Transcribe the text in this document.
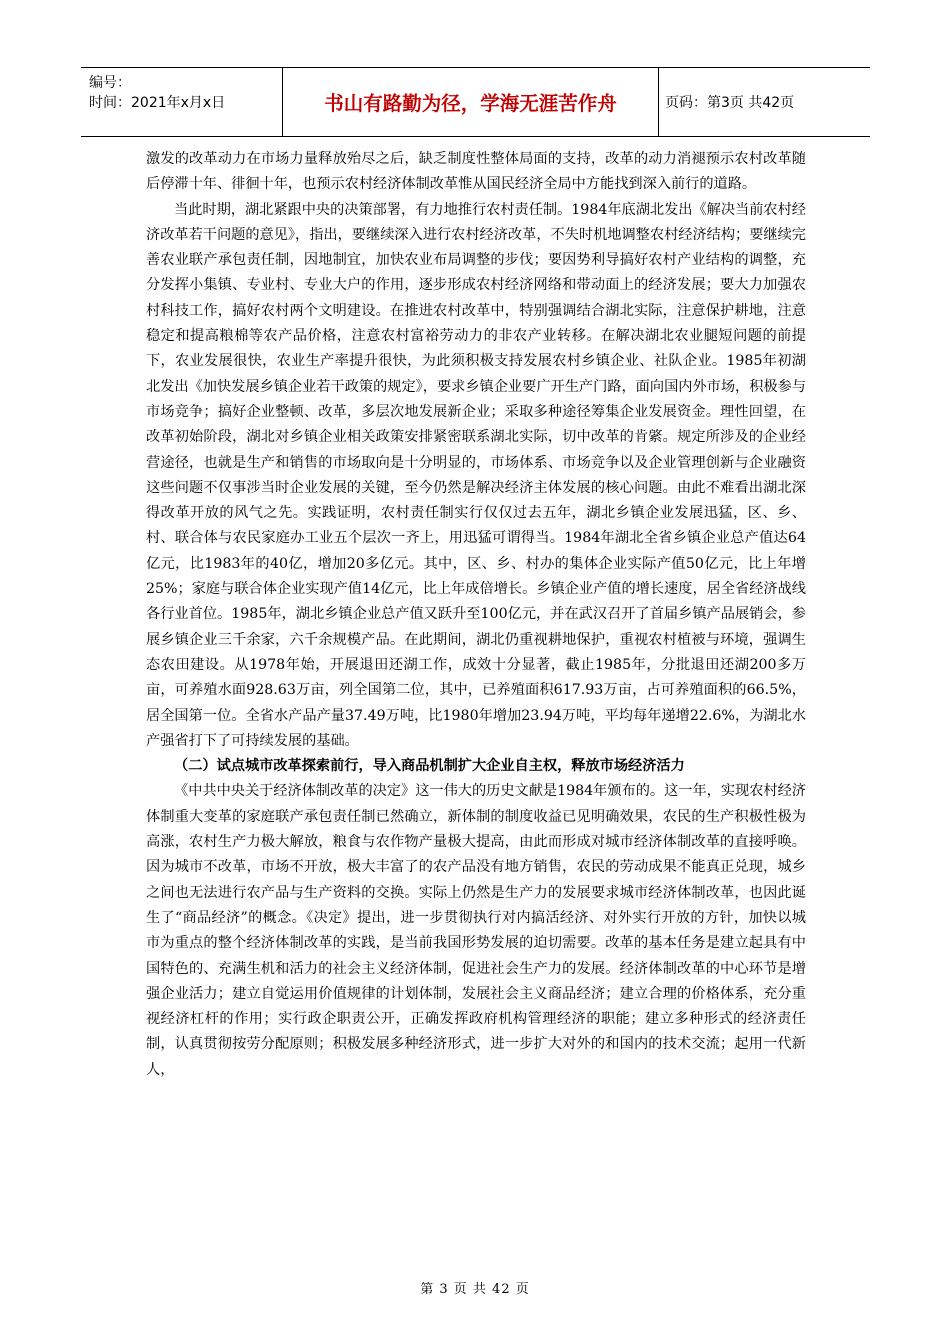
编号：
时间：2021年x月x日	书山有路勤为径，学海无涯苦作舟	页码：第3页 共42页

激发的改革动力在市场力量释放殆尽之后，缺乏制度性整体局面的支持，改革的动力消褪预示农村改革随后停滞十年、徘徊十年，也预示农村经济体制改革惟从国民经济全局中方能找到深入前行的道路。

当此时期，湖北紧跟中央的决策部署，有力地推行农村责任制。1984年底湖北发出《解决当前农村经济改革若干问题的意见》，指出，要继续深入进行农村经济改革，不失时机地调整农村经济结构；要继续完善农业联产承包责任制，因地制宜，加快农业布局调整的步伐；要因势利导搞好农村产业结构的调整，充分发挥小集镇、专业村、专业大户的作用，逐步形成农村经济网络和带动面上的经济发展；要大力加强农村科技工作，搞好农村两个文明建设。在推进农村改革中，特别强调结合湖北实际，注意保护耕地，注意稳定和提高粮棉等农产品价格，注意农村富裕劳动力的非农产业转移。在解决湖北农业腿短问题的前提下，农业发展很快，农业生产率提升很快，为此须积极支持发展农村乡镇企业、社队企业。1985年初湖北发出《加快发展乡镇企业若干政策的规定》，要求乡镇企业要广开生产门路，面向国内外市场，积极参与市场竞争；搞好企业整顿、改革，多层次地发展新企业；采取多种途径筹集企业发展资金。理性回望，在改革初始阶段，湖北对乡镇企业相关政策安排紧密联系湖北实际，切中改革的肯綮。规定所涉及的企业经营途径，也就是生产和销售的市场取向是十分明显的，市场体系、市场竞争以及企业管理创新与企业融资这些问题不仅事涉当时企业发展的关键，至今仍然是解决经济主体发展的核心问题。由此不难看出湖北深得改革开放的风气之先。实践证明，农村责任制实行仅仅过去五年，湖北乡镇企业发展迅猛，区、乡、村、联合体与农民家庭办工业五个层次一齐上，用迅猛可谓得当。1984年湖北全省乡镇企业总产值达64亿元，比1983年的40亿，增加20多亿元。其中，区、乡、村办的集体企业实际产值50亿元，比上年增25%；家庭与联合体企业实现产值14亿元，比上年成倍增长。乡镇企业产值的增长速度，居全省经济战线各行业首位。1985年，湖北乡镇企业总产值又跃升至100亿元，并在武汉召开了首届乡镇产品展销会，参展乡镇企业三千余家，六千余规模产品。在此期间，湖北仍重视耕地保护，重视农村植被与环境，强调生态农田建设。从1978年始，开展退田还湖工作，成效十分显著，截止1985年，分批退田还湖200多万亩，可养殖水面928.63万亩，列全国第二位，其中，已养殖面积617.93万亩，占可养殖面积的66.5%，居全国第一位。全省水产品产量37.49万吨，比1980年增加23.94万吨，平均每年递增22.6%，为湖北水产强省打下了可持续发展的基础。

（二）试点城市改革探索前行，导入商品机制扩大企业自主权，释放市场经济活力

《中共中央关于经济体制改革的决定》这一伟大的历史文献是1984年颁布的。这一年，实现农村经济体制重大变革的家庭联产承包责任制已然确立，新体制的制度收益已见明确效果，农民的生产积极性极为高涨，农村生产力极大解放，粮食与农作物产量极大提高，由此而形成对城市经济体制改革的直接呼唤。因为城市不改革，市场不开放，极大丰富了的农产品没有地方销售，农民的劳动成果不能真正兑现，城乡之间也无法进行农产品与生产资料的交换。实际上仍然是生产力的发展要求城市经济体制改革，也因此诞生了“商品经济”的概念。《决定》提出，进一步贯彻执行对内搞活经济、对外实行开放的方针，加快以城市为重点的整个经济体制改革的实践，是当前我国形势发展的迫切需要。改革的基本任务是建立起具有中国特色的、充满生机和活力的社会主义经济体制，促进社会生产力的发展。经济体制改革的中心环节是增强企业活力；建立自觉运用价值规律的计划体制，发展社会主义商品经济；建立合理的价格体系，充分重视经济杠杆的作用；实行政企职责公开，正确发挥政府机构管理经济的职能；建立多种形式的经济责任制，认真贯彻按劳分配原则；积极发展多种经济形式，进一步扩大对外的和国内的技术交流；起用一代新人，

第 3 页 共 42 页
